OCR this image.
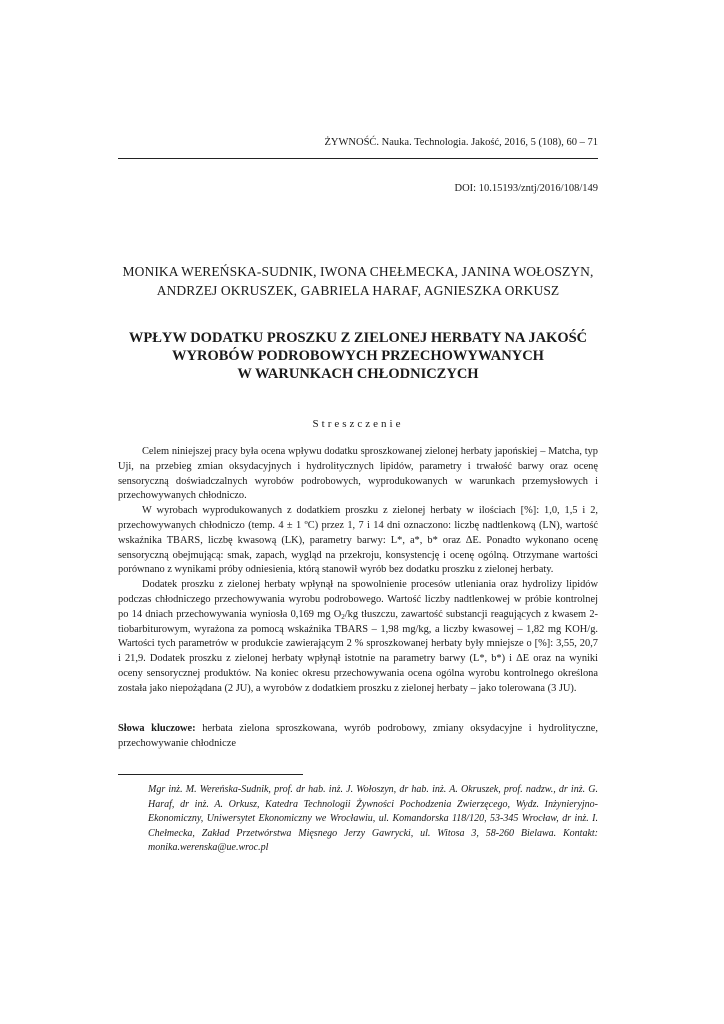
ŻYWNOŚĆ. Nauka. Technologia. Jakość, 2016, 5 (108), 60 – 71
DOI: 10.15193/zntj/2016/108/149
MONIKA WEREŃSKA-SUDNIK, IWONA CHEŁMECKA, JANINA WOŁOSZYN,
ANDRZEJ OKRUSZEK, GABRIELA HARAF, AGNIESZKA ORKUSZ
WPŁYW DODATKU PROSZKU Z ZIELONEJ HERBATY NA JAKOŚĆ
WYROBÓW PODROBOWYCH PRZECHOWYWANYCH
W WARUNKACH CHŁODNICZYCH
Streszczenie

Celem niniejszej pracy była ocena wpływu dodatku sproszkowanej zielonej herbaty japońskiej – Matcha, typ Uji, na przebieg zmian oksydacyjnych i hydrolitycznych lipidów, parametry i trwałość barwy oraz ocenę sensoryczną doświadczalnych wyrobów podrobowych, wyprodukowanych w warunkach przemysłowych i przechowywanych chłodniczo.

W wyrobach wyprodukowanych z dodatkiem proszku z zielonej herbaty w ilościach [%]: 1,0, 1,5 i 2, przechowywanych chłodniczo (temp. 4 ± 1 ºC) przez 1, 7 i 14 dni oznaczono: liczbę nadtlenkową (LN), wartość wskaźnika TBARS, liczbę kwasową (LK), parametry barwy: L*, a*, b* oraz ΔE. Ponadto wykonano ocenę sensoryczną obejmującą: smak, zapach, wygląd na przekroju, konsystencję i ocenę ogólną. Otrzymane wartości porównano z wynikami próby odniesienia, którą stanowił wyrób bez dodatku proszku z zielonej herbaty.

Dodatek proszku z zielonej herbaty wpłynął na spowolnienie procesów utleniania oraz hydrolizy lipidów podczas chłodniczego przechowywania wyrobu podrobowego. Wartość liczby nadtlenkowej w próbie kontrolnej po 14 dniach przechowywania wyniosła 0,169 mg $O_2/kg$ tłuszczu, zawartość substancji reagujących z kwasem 2-tiobarbiturowym, wyrażona za pomocą wskaźnika TBARS – 1,98 mg/kg, a liczby kwasowej – 1,82 mg KOH/g. Wartości tych parametrów w produkcie zawierającym 2 % sproszkowanej herbaty były mniejsze o [%]: 3,55, 20,7 i 21,9. Dodatek proszku z zielonej herbaty wpłynął istotnie na parametry barwy (L*, b*) i ΔE oraz na wyniki oceny sensorycznej produktów. Na koniec okresu przechowywania ocena ogólna wyrobu kontrolnego określona została jako niepożądana (2 JU), a wyrobów z dodatkiem proszku z zielonej herbaty – jako tolerowana (3 JU).

Słowa kluczowe: herbata zielona sproszkowana, wyrób podrobowy, zmiany oksydacyjne i hydrolityczne, przechowywanie chłodnicze
Mgr inż. M. Wereńska-Sudnik, prof. dr hab. inż. J. Wołoszyn, dr hab. inż. A. Okruszek, prof. nadzw., dr inż. G. Haraf, dr inż. A. Orkusz, Katedra Technologii Żywności Pochodzenia Zwierzęcego, Wydz. Inżynieryjno-Ekonomiczny, Uniwersytet Ekonomiczny we Wrocławiu, ul. Komandorska 118/120, 53-345 Wrocław, dr inż. I. Chełmecka, Zakład Przetwórstwa Mięsnego Jerzy Gawrycki, ul. Witosa 3, 58-260 Bielawa. Kontakt: monika.werenska@ue.wroc.pl
